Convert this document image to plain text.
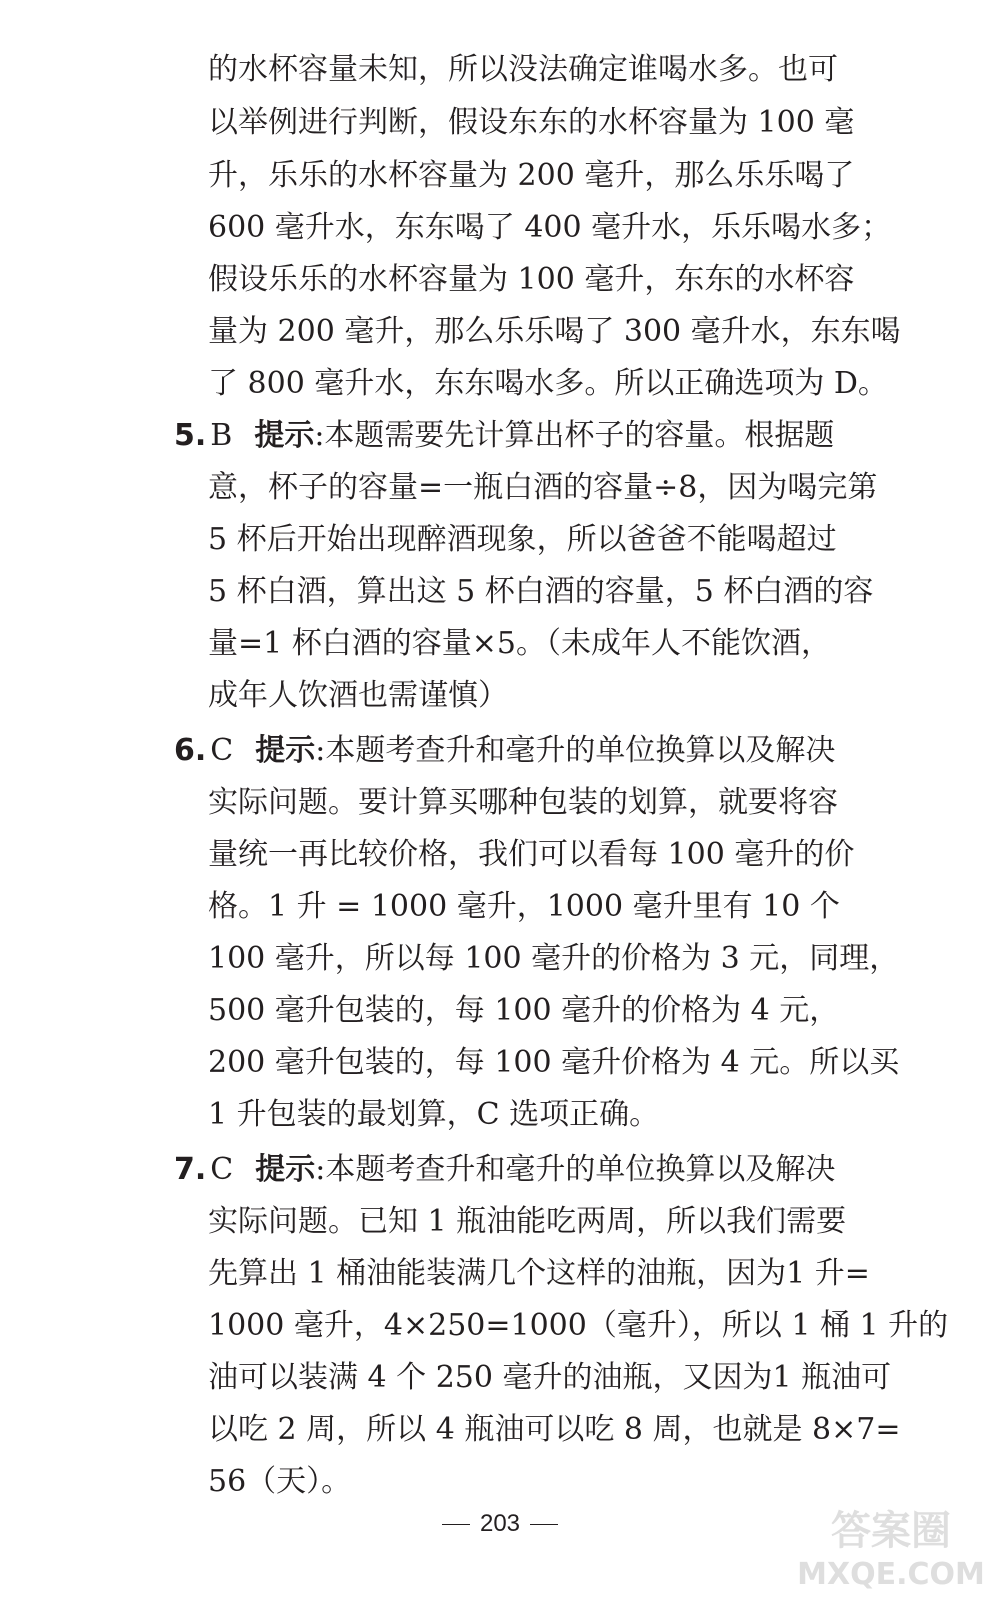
的水杯容量未知，所以没法确定谁喝水多。也可
以举例进行判断，假设东东的水杯容量为 100 毫
升，乐乐的水杯容量为 200 毫升，那么乐乐喝了
600 毫升水，东东喝了 400 毫升水，乐乐喝水多；
假设乐乐的水杯容量为 100 毫升，东东的水杯容
量为 200 毫升，那么乐乐喝了 300 毫升水，东东喝
了 800 毫升水，东东喝水多。所以正确选项为 D。
5. B 提示:本题需要先计算出杯子的容量。根据题
意，杯子的容量=一瓶白酒的容量÷8，因为喝完第
5 杯后开始出现醉酒现象，所以爸爸不能喝超过
5 杯白酒，算出这 5 杯白酒的容量，5 杯白酒的容
量=1 杯白酒的容量×5。（未成年人不能饮酒，
成年人饮酒也需谨慎）
6. C 提示:本题考查升和毫升的单位换算以及解决
实际问题。要计算买哪种包装的划算，就要将容
量统一再比较价格，我们可以看每 100 毫升的价
格。1 升 = 1000 毫升，1000 毫升里有 10 个
100 毫升，所以每 100 毫升的价格为 3 元，同理，
500 毫升包装的，每 100 毫升的价格为 4 元，
200 毫升包装的，每 100 毫升价格为 4 元。所以买
1 升包装的最划算，C 选项正确。
7. C 提示:本题考查升和毫升的单位换算以及解决
实际问题。已知 1 瓶油能吃两周，所以我们需要
先算出 1 桶油能装满几个这样的油瓶，因为1 升=
1000 毫升，4×250=1000（毫升），所以 1 桶 1 升的
油可以装满 4 个 250 毫升的油瓶，又因为1 瓶油可
以吃 2 周，所以 4 瓶油可以吃 8 周，也就是 8×7=
56（天）。
203	答案圈
MXQE.COM
